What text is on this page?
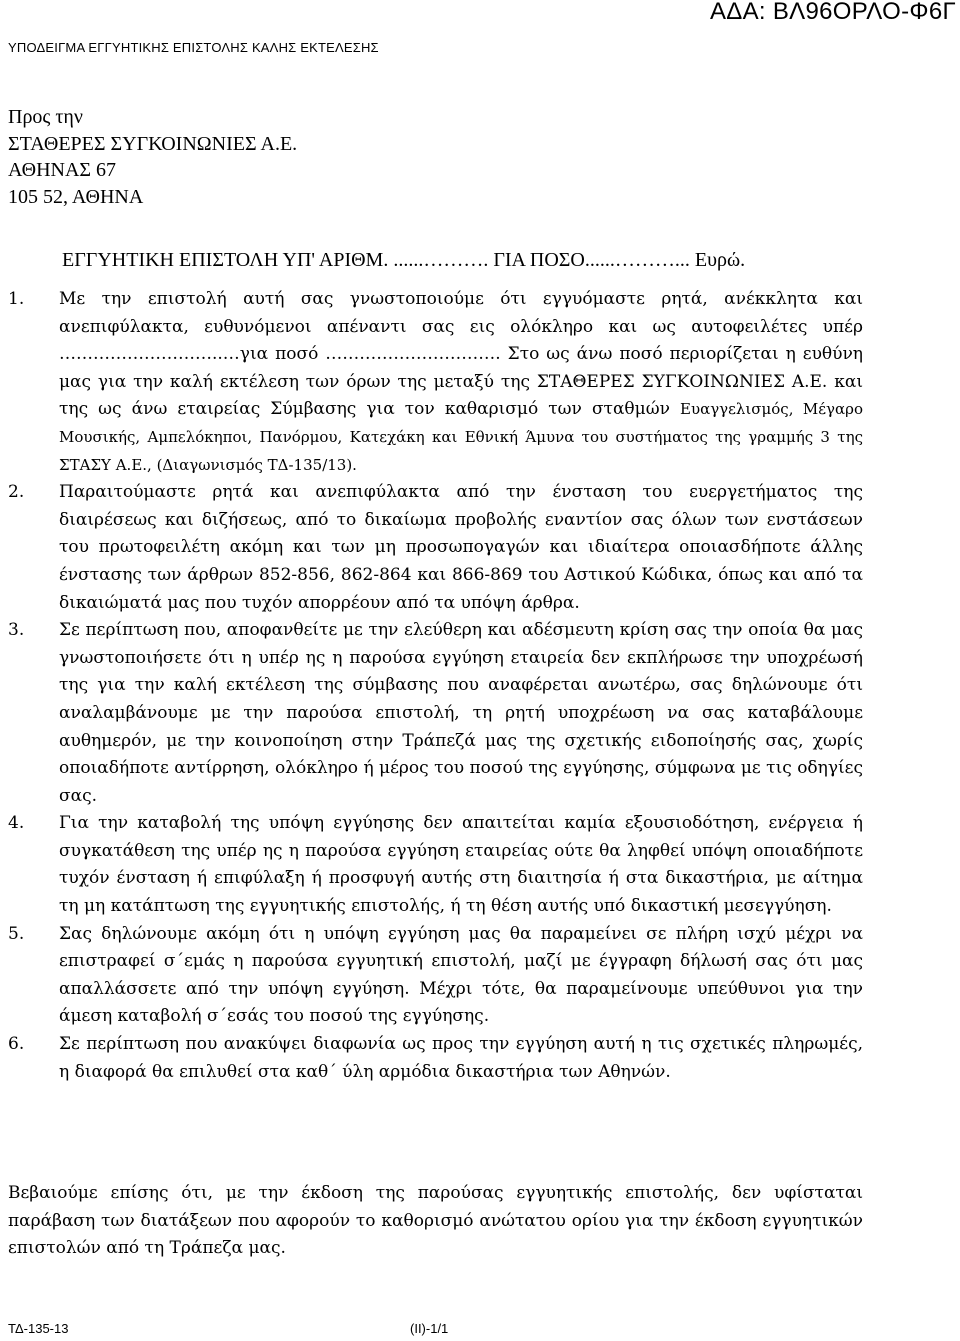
ΑΔΑ: ΒΛ96ΟΡΛΟ-Φ6Γ
ΥΠΟΔΕΙΓΜΑ ΕΓΓΥΗΤΙΚΗΣ ΕΠΙΣΤΟΛΗΣ ΚΑΛΗΣ ΕΚΤΕΛΕΣΗΣ
Προς την
ΣΤΑΘΕΡΕΣ ΣΥΓΚΟΙΝΩΝΙΕΣ Α.Ε.
ΑΘΗΝΑΣ 67
105 52, ΑΘΗΝΑ
ΕΓΓΥΗΤΙΚΗ ΕΠΙΣΤΟΛΗ ΥΠ' ΑΡΙΘΜ. ......………. ΓΙΑ ΠΟΣΟ......………... Ευρώ.
1. Με την επιστολή αυτή σας γνωστοποιούμε ότι εγγυόμαστε ρητά, ανέκκλητα και ανεπιφύλακτα, ευθυνόμενοι απέναντι σας εις ολόκληρο και ως αυτοφειλέτες υπέρ ………………………..…για ποσό …………………………. Στο ως άνω ποσό περιορίζεται η ευθύνη μας για την καλή εκτέλεση των όρων της μεταξύ της ΣΤΑΘΕΡΕΣ ΣΥΓΚΟΙΝΩΝΙΕΣ Α.Ε. και της ως άνω εταιρείας Σύμβασης για τον καθαρισμό των σταθμών Ευαγγελισμός, Μέγαρο Μουσικής, Αμπελόκηποι, Πανόρμου, Κατεχάκη και Εθνική Άμυνα του συστήματος της γραμμής 3 της ΣΤΑΣΥ Α.Ε., (Διαγωνισμός ΤΔ-135/13).
2. Παραιτούμαστε ρητά και ανεπιφύλακτα από την ένσταση του ευεργετήματος της διαιρέσεως και διζήσεως, από το δικαίωμα προβολής εναντίον σας όλων των ενστάσεων του πρωτοφειλέτη ακόμη και των μη προσωπογαγών και ιδιαίτερα οποιασδήποτε άλλης ένστασης των άρθρων 852-856, 862-864 και 866-869 του Αστικού Κώδικα, όπως και από τα δικαιώματά μας που τυχόν απορρέουν από τα υπόψη άρθρα.
3. Σε περίπτωση που, αποφανθείτε με την ελεύθερη και αδέσμευτη κρίση σας την οποία θα μας γνωστοποιήσετε ότι η υπέρ ης η παρούσα εγγύηση εταιρεία δεν εκπλήρωσε την υποχρέωσή της για την καλή εκτέλεση της σύμβασης που αναφέρεται ανωτέρω, σας δηλώνουμε ότι αναλαμβάνουμε με την παρούσα επιστολή, τη ρητή υποχρέωση να σας καταβάλουμε αυθημερόν, με την κοινοποίηση στην Τράπεζά μας της σχετικής ειδοποίησής σας, χωρίς οποιαδήποτε αντίρρηση, ολόκληρο ή μέρος του ποσού της εγγύησης, σύμφωνα με τις οδηγίες σας.
4. Για την καταβολή της υπόψη εγγύησης δεν απαιτείται καμία εξουσιοδότηση, ενέργεια ή συγκατάθεση της υπέρ ης η παρούσα εγγύηση εταιρείας ούτε θα ληφθεί υπόψη οποιαδήποτε τυχόν ένσταση ή επιφύλαξη ή προσφυγή αυτής στη διαιτησία ή στα δικαστήρια, με αίτημα τη μη κατάπτωση της εγγυητικής επιστολής, ή τη θέση αυτής υπό δικαστική μεσεγγύηση.
5. Σας δηλώνουμε ακόμη ότι η υπόψη εγγύηση μας θα παραμείνει σε πλήρη ισχύ μέχρι να επιστραφεί σ΄εμάς η παρούσα εγγυητική επιστολή, μαζί με έγγραφη δήλωσή σας ότι μας απαλλάσσετε από την υπόψη εγγύηση. Μέχρι τότε, θα παραμείνουμε υπεύθυνοι για την άμεση καταβολή σ΄εσάς του ποσού της εγγύησης.
6. Σε περίπτωση που ανακύψει διαφωνία ως προς την εγγύηση αυτή η τις σχετικές πληρωμές, η διαφορά θα επιλυθεί στα καθ΄ ύλη αρμόδια δικαστήρια των Αθηνών.
Βεβαιούμε επίσης ότι, με την έκδοση της παρούσας εγγυητικής επιστολής, δεν υφίσταται παράβαση των διατάξεων που αφορούν το καθορισμό ανώτατου ορίου για την έκδοση εγγυητικών επιστολών από τη Τράπεζα μας.
ΤΔ-135-13	(ΙΙ)-1/1
